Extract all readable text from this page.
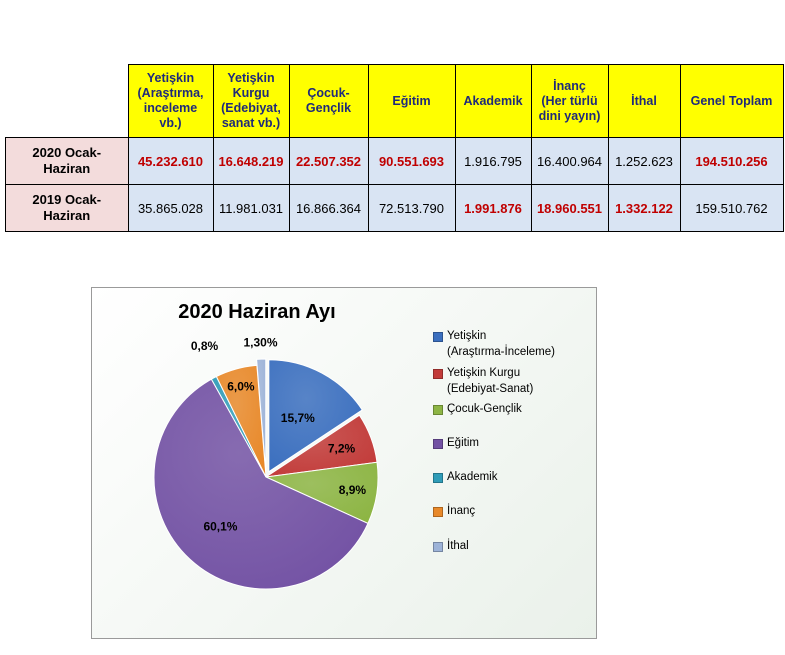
	Yetişkin
(Araştırma,
inceleme
vb.)	Yetişkin
Kurgu
(Edebiyat,
sanat vb.)	Çocuk-
Gençlik	Eğitim	Akademik	İnanç
(Her türlü
dini yayın)	İthal	Genel Toplam
2020 Ocak-
Haziran	45.232.610	16.648.219	22.507.352	90.551.693	1.916.795	16.400.964	1.252.623	194.510.256
2019 Ocak-
Haziran	35.865.028	11.981.031	16.866.364	72.513.790	1.991.876	18.960.551	1.332.122	159.510.762
2020 Haziran Ayı
15,7%
7,2%
8,9%
60,1%
0,8%
6,0%
1,30%	Yetişkin
(Araştırma-İnceleme)
Yetişkin Kurgu
(Edebiyat-Sanat)
Çocuk-Gençlik
Eğitim
Akademik
İnanç
İthal
